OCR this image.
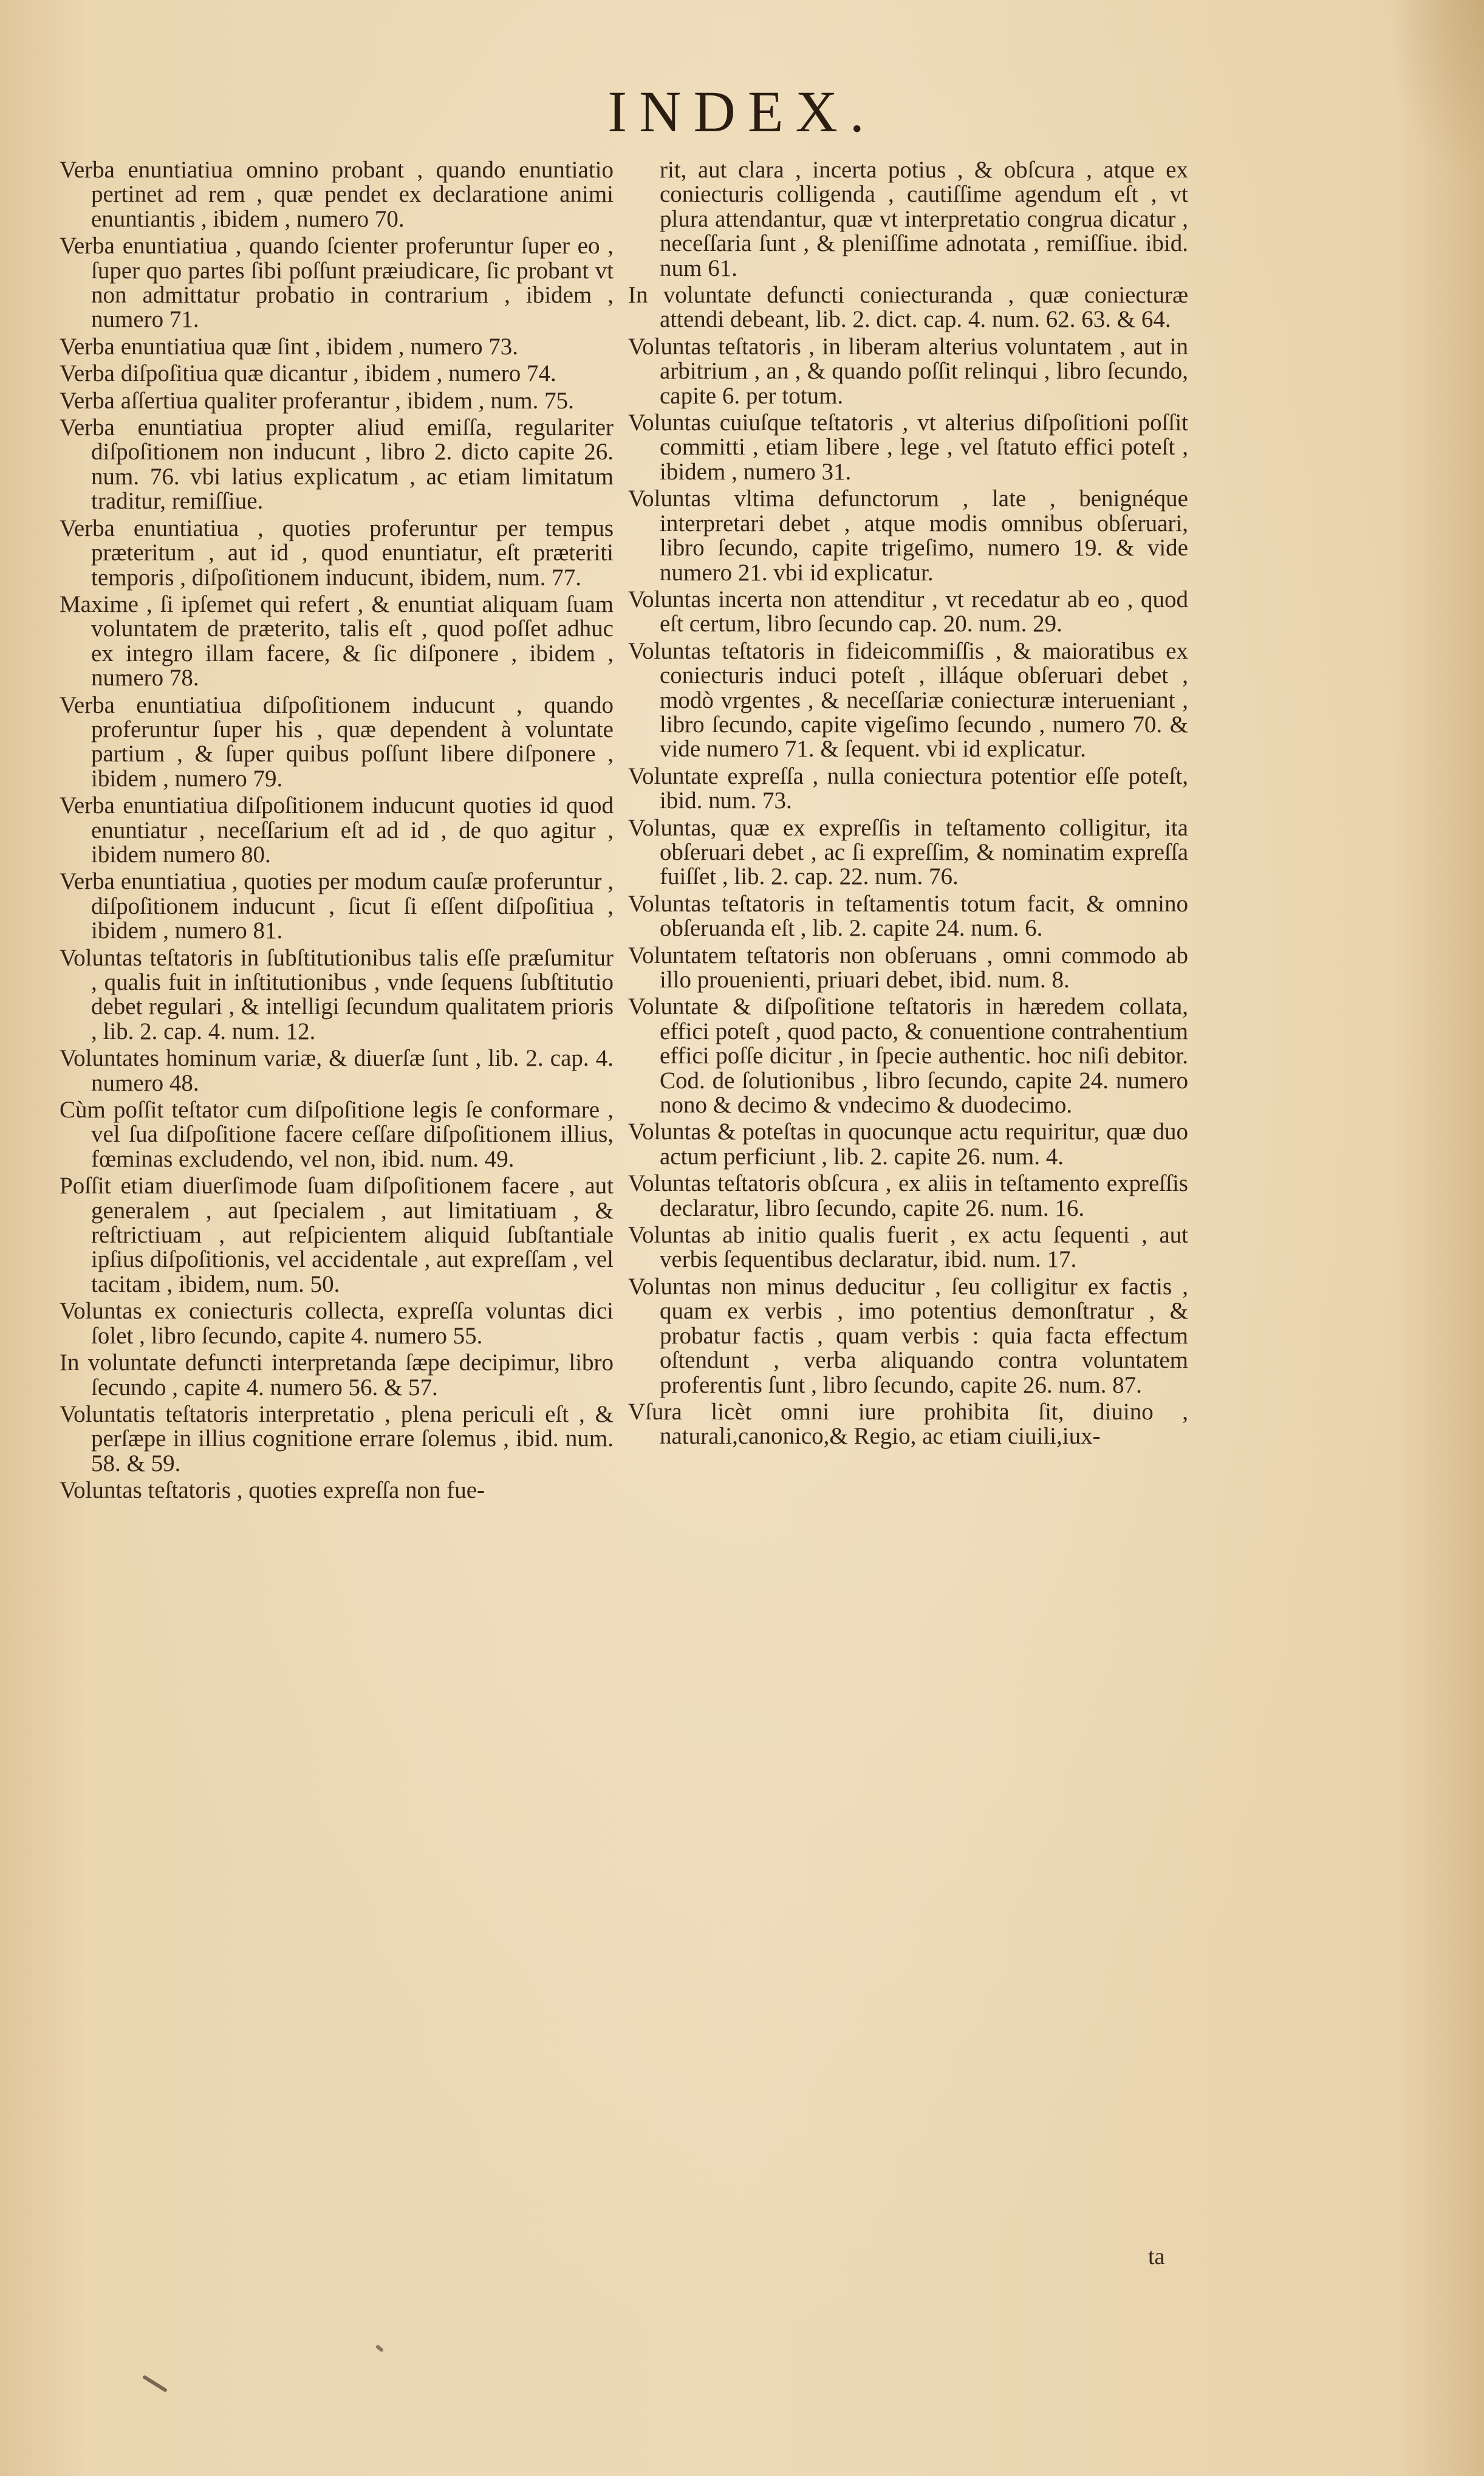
INDEX.

Verba enuntiatiua omnino probant , quando enuntiatio pertinet ad rem , quæ pendet ex declaratione animi enuntiantis , ibidem , numero 70.

Verba enuntiatiua , quando ſcienter proferuntur ſuper eo , ſuper quo partes ſibi poſſunt præiudicare, ſic probant vt non admittatur probatio in contrarium , ibidem , numero 71.

Verba enuntiatiua quæ ſint , ibidem , numero 73.

Verba diſpoſitiua quæ dicantur , ibidem , numero 74.

Verba aſſertiua qualiter proferantur , ibidem , num. 75.

Verba enuntiatiua propter aliud emiſſa, regulariter diſpoſitionem non inducunt , libro 2. dicto capite 26. num. 76. vbi latius explicatum , ac etiam limitatum traditur, remiſſiue.

Verba enuntiatiua , quoties proferuntur per tempus præteritum , aut id , quod enuntiatur, eſt præteriti temporis , diſpoſitionem inducunt, ibidem, num. 77.

Maxime , ſi ipſemet qui refert , & enuntiat aliquam ſuam voluntatem de præterito, talis eſt , quod poſſet adhuc ex integro illam facere, & ſic diſponere , ibidem , numero 78.

Verba enuntiatiua diſpoſitionem inducunt , quando proferuntur ſuper his , quæ dependent à voluntate partium , & ſuper quibus poſſunt libere diſponere , ibidem , numero 79.

Verba enuntiatiua diſpoſitionem inducunt quoties id quod enuntiatur , neceſſarium eſt ad id , de quo agitur , ibidem numero 80.

Verba enuntiatiua , quoties per modum cauſæ proferuntur , diſpoſitionem inducunt , ſicut ſi eſſent diſpoſitiua , ibidem , numero 81.

Voluntas teſtatoris in ſubſtitutionibus talis eſſe præſumitur , qualis fuit in inſtitutionibus , vnde ſequens ſubſtitutio debet regulari , & intelligi ſecundum qualitatem prioris , lib. 2. cap. 4. num. 12.

Voluntates hominum variæ, & diuerſæ ſunt , lib. 2. cap. 4. numero 48.

Cùm poſſit teſtator cum diſpoſitione legis ſe conformare , vel ſua diſpoſitione facere ceſſare diſpoſitionem illius, fœminas excludendo, vel non, ibid. num. 49.

Poſſit etiam diuerſimode ſuam diſpoſitionem facere , aut generalem , aut ſpecialem , aut limitatiuam , & reſtrictiuam , aut reſpicientem aliquid ſubſtantiale ipſius diſpoſitionis, vel accidentale , aut expreſſam , vel tacitam , ibidem, num. 50.

Voluntas ex coniecturis collecta, expreſſa voluntas dici ſolet , libro ſecundo, capite 4. numero 55.

In voluntate defuncti interpretanda ſæpe decipimur, libro ſecundo , capite 4. numero 56. & 57.

Voluntatis teſtatoris interpretatio , plena periculi eſt , & perſæpe in illius cognitione errare ſolemus , ibid. num. 58. & 59.

Voluntas teſtatoris , quoties expreſſa non fue-

rit, aut clara , incerta potius , & obſcura , atque ex coniecturis colligenda , cautiſſime agendum eſt , vt plura attendantur, quæ vt interpretatio congrua dicatur , neceſſaria ſunt , & pleniſſime adnotata , remiſſiue. ibid. num 61.

In voluntate defuncti coniecturanda , quæ coniecturæ attendi debeant, lib. 2. dict. cap. 4. num. 62. 63. & 64.

Voluntas teſtatoris , in liberam alterius voluntatem , aut in arbitrium , an , & quando poſſit relinqui , libro ſecundo, capite 6. per totum.

Voluntas cuiuſque teſtatoris , vt alterius diſpoſitioni poſſit committi , etiam libere , lege , vel ſtatuto effici poteſt , ibidem , numero 31.

Voluntas vltima defunctorum , late , benignéque interpretari debet , atque modis omnibus obſeruari, libro ſecundo, capite trigeſimo, numero 19. & vide numero 21. vbi id explicatur.

Voluntas incerta non attenditur , vt recedatur ab eo , quod eſt certum, libro ſecundo cap. 20. num. 29.

Voluntas teſtatoris in fideicommiſſis , & maioratibus ex coniecturis induci poteſt , illáque obſeruari debet , modò vrgentes , & neceſſariæ coniecturæ interueniant , libro ſecundo, capite vigeſimo ſecundo , numero 70. & vide numero 71. & ſequent. vbi id explicatur.

Voluntate expreſſa , nulla coniectura potentior eſſe poteſt, ibid. num. 73.

Voluntas, quæ ex expreſſis in teſtamento colligitur, ita obſeruari debet , ac ſi expreſſim, & nominatim expreſſa fuiſſet , lib. 2. cap. 22. num. 76.

Voluntas teſtatoris in teſtamentis totum facit, & omnino obſeruanda eſt , lib. 2. capite 24. num. 6.

Voluntatem teſtatoris non obſeruans , omni commodo ab illo prouenienti, priuari debet, ibid. num. 8.

Voluntate & diſpoſitione teſtatoris in hæredem collata, effici poteſt , quod pacto, & conuentione contrahentium effici poſſe dicitur , in ſpecie authentic. hoc niſi debitor. Cod. de ſolutionibus , libro ſecundo, capite 24. numero nono & decimo & vndecimo & duodecimo.

Voluntas & poteſtas in quocunque actu requiritur, quæ duo actum perficiunt , lib. 2. capite 26. num. 4.

Voluntas teſtatoris obſcura , ex aliis in teſtamento expreſſis declaratur, libro ſecundo, capite 26. num. 16.

Voluntas ab initio qualis fuerit , ex actu ſequenti , aut verbis ſequentibus declaratur, ibid. num. 17.

Voluntas non minus deducitur , ſeu colligitur ex factis , quam ex verbis , imo potentius demonſtratur , & probatur factis , quam verbis : quia facta effectum oſtendunt , verba aliquando contra voluntatem proferentis ſunt , libro ſecundo, capite 26. num. 87.

Vſura licèt omni iure prohibita ſit, diuino , naturali,canonico,& Regio, ac etiam ciuili,iux-

ta
